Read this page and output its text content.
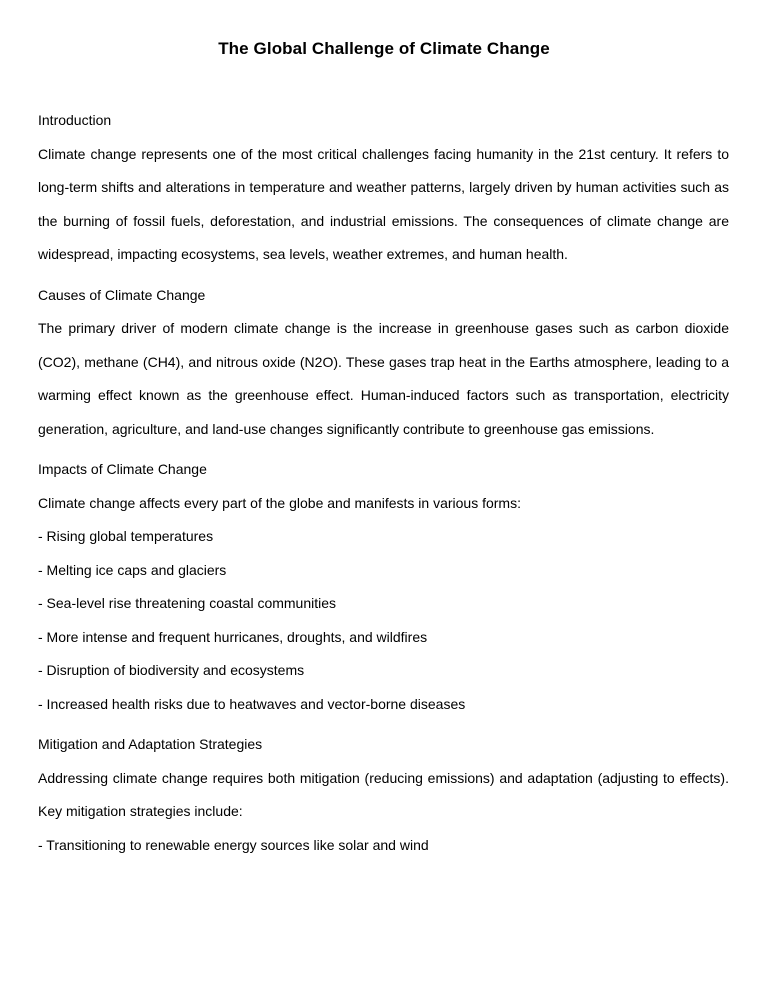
The Global Challenge of Climate Change
Introduction

Climate change represents one of the most critical challenges facing humanity in the 21st century. It refers to long-term shifts and alterations in temperature and weather patterns, largely driven by human activities such as the burning of fossil fuels, deforestation, and industrial emissions. The consequences of climate change are widespread, impacting ecosystems, sea levels, weather extremes, and human health.

Causes of Climate Change

The primary driver of modern climate change is the increase in greenhouse gases such as carbon dioxide (CO2), methane (CH4), and nitrous oxide (N2O). These gases trap heat in the Earths atmosphere, leading to a warming effect known as the greenhouse effect. Human-induced factors such as transportation, electricity generation, agriculture, and land-use changes significantly contribute to greenhouse gas emissions.

Impacts of Climate Change

Climate change affects every part of the globe and manifests in various forms:

- Rising global temperatures
- Melting ice caps and glaciers
- Sea-level rise threatening coastal communities
- More intense and frequent hurricanes, droughts, and wildfires
- Disruption of biodiversity and ecosystems
- Increased health risks due to heatwaves and vector-borne diseases
Mitigation and Adaptation Strategies

Addressing climate change requires both mitigation (reducing emissions) and adaptation (adjusting to effects). Key mitigation strategies include:

- Transitioning to renewable energy sources like solar and wind
